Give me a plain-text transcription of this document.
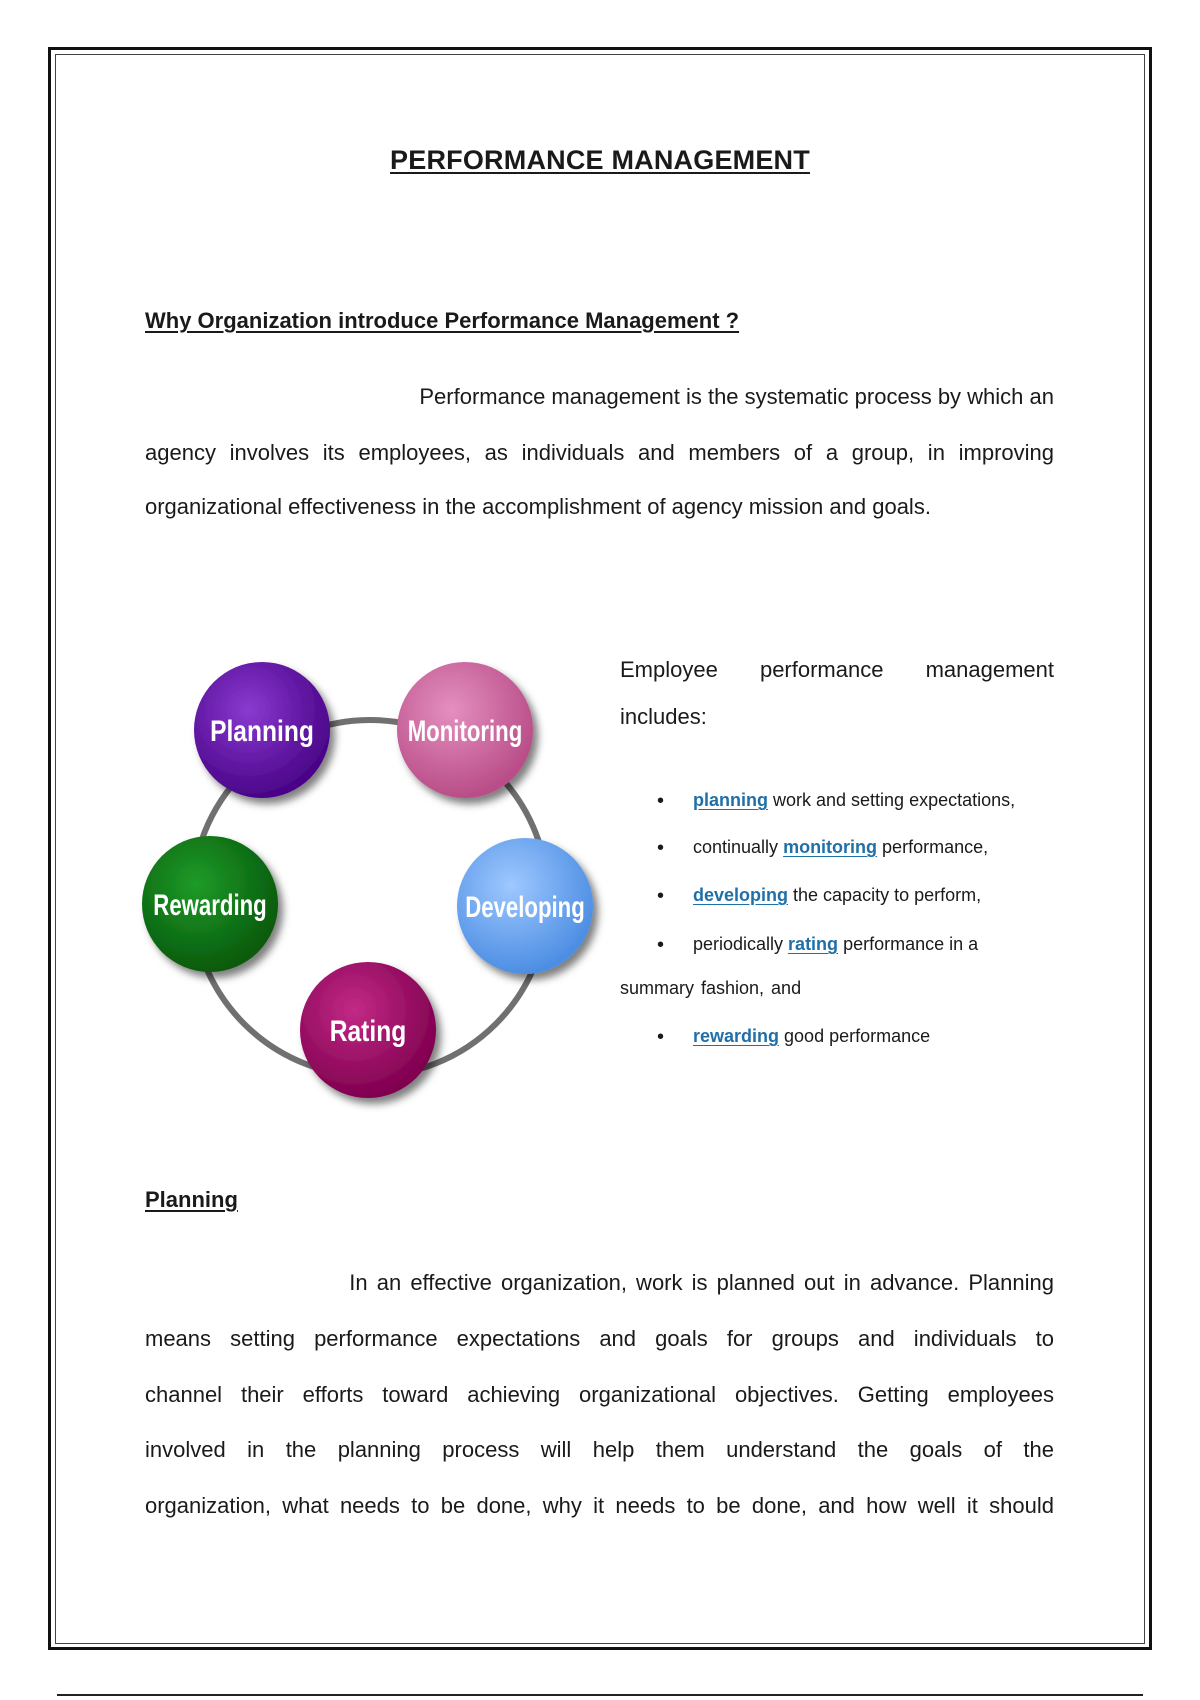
PERFORMANCE MANAGEMENT
Why Organization introduce Performance Management ?
Performance management is the systematic process by which an
agency involves its employees, as individuals and members of a group, in improving
organizational effectiveness in the accomplishment of agency mission and goals.
Planning	Monitoring
Developing
Rating
Rewarding
Employee performance management
includes:
• planning work and setting expectations,
• continually monitoring performance,
• developing the capacity to perform,
• periodically rating performance in a
summary fashion, and
• rewarding good performance
Planning
In an effective organization, work is planned out in advance. Planning
means setting performance expectations and goals for groups and individuals to
channel their efforts toward achieving organizational objectives. Getting employees
involved in the planning process will help them understand the goals of the
organization, what needs to be done, why it needs to be done, and how well it should
